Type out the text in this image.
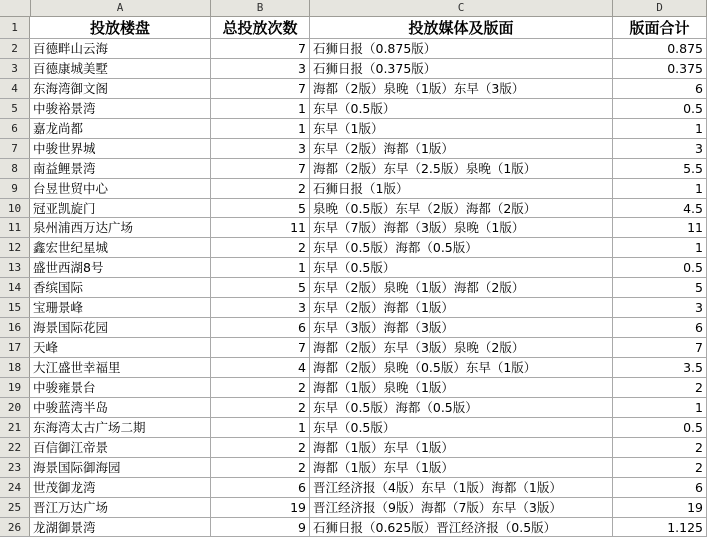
A	B	C	D
1	投放楼盘	总投放次数	投放媒体及版面	版面合计
2	百德畔山云海	7 石狮日报（0.875版）	0.875
3	百德康城美墅	3 石狮日报（0.375版）	0.375
4	东海湾御文阁	7 海都（2版）泉晚（1版）东早（3版）	6
5	中骏裕景湾	1 东早（0.5版）	0.5
6	嘉龙尚都	1 东早（1版）	1
7	中骏世界城	3 东早（2版）海都（1版）	3
8	南益鲤景湾	7 海都（2版）东早（2.5版）泉晚（1版）	5.5
9	台昱世贸中心	2 石狮日报（1版）	1
10 冠亚凯旋门	5 泉晚（0.5版）东早（2版）海都（2版）	4.5
11 泉州浦西万达广场	11 东早（7版）海都（3版）泉晚（1版）	11
12 鑫宏世纪星城	2 东早（0.5版）海都（0.5版）	1
13 盛世西湖8号	1 东早（0.5版）	0.5
14 香缤国际	5 东早（2版）泉晚（1版）海都（2版）	5
15 宝珊景峰	3 东早（2版）海都（1版）	3
16 海景国际花园	6 东早（3版）海都（3版）	6
17 天峰	7 海都（2版）东早（3版）泉晚（2版）	7
18 大江盛世幸福里	4 海都（2版）泉晚（0.5版）东早（1版）	3.5
19 中骏雍景台	2 海都（1版）泉晚（1版）	2
20 中骏蓝湾半岛	2 东早（0.5版）海都（0.5版）	1
21 东海湾太古广场二期	1 东早（0.5版）	0.5
22 百信御江帝景	2 海都（1版）东早（1版）	2
23 海景国际御海园	2 海都（1版）东早（1版）	2
24 世茂御龙湾	6 晋江经济报（4版）东早（1版）海都（1版）	6
25 晋江万达广场	19 晋江经济报（9版）海都（7版）东早（3版）	19
26 龙湖御景湾	9 石狮日报（0.625版）晋江经济报（0.5版）	1.125
